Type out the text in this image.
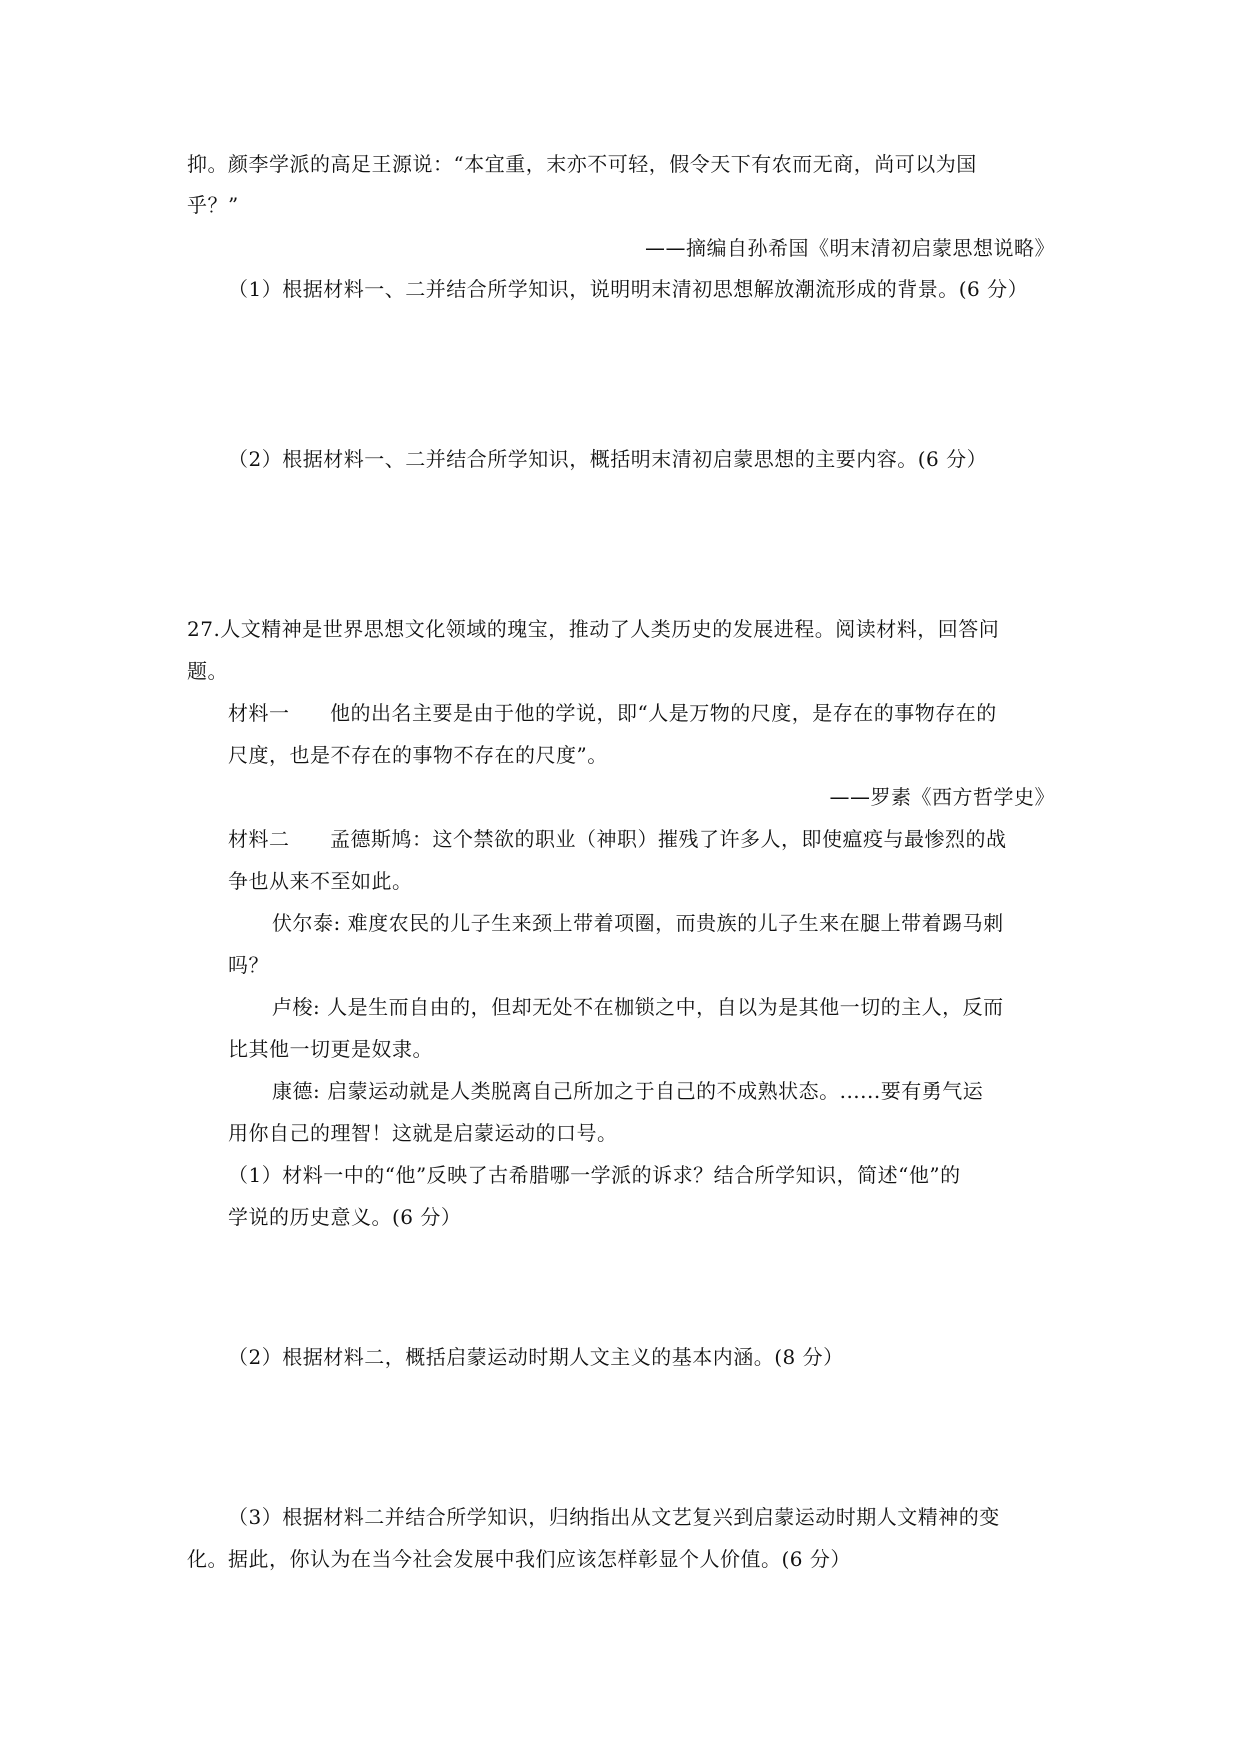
抑。颜李学派的高足王源说：“本宜重，末亦不可轻，假令天下有农而无商，尚可以为国
乎？”
——摘编自孙希国《明末清初启蒙思想说略》
（1）根据材料一、二并结合所学知识，说明明末清初思想解放潮流形成的背景。(6 分）
（2）根据材料一、二并结合所学知识，概括明末清初启蒙思想的主要内容。(6 分）
27.人文精神是世界思想文化领域的瑰宝，推动了人类历史的发展进程。阅读材料，回答问
题。
材料一 他的出名主要是由于他的学说，即“人是万物的尺度，是存在的事物存在的
尺度，也是不存在的事物不存在的尺度”。
——罗素《西方哲学史》
材料二 孟德斯鸠：这个禁欲的职业（神职）摧残了许多人，即使瘟疫与最惨烈的战
争也从来不至如此。
伏尔泰: 难度农民的儿子生来颈上带着项圈，而贵族的儿子生来在腿上带着踢马刺
吗？
卢梭: 人是生而自由的，但却无处不在枷锁之中，自以为是其他一切的主人，反而
比其他一切更是奴隶。
康德: 启蒙运动就是人类脱离自己所加之于自己的不成熟状态。......要有勇气运
用你自己的理智！这就是启蒙运动的口号。
（1）材料一中的“他”反映了古希腊哪一学派的诉求？结合所学知识，简述“他”的
学说的历史意义。(6 分）
（2）根据材料二，概括启蒙运动时期人文主义的基本内涵。(8 分）
（3）根据材料二并结合所学知识，归纳指出从文艺复兴到启蒙运动时期人文精神的变
化。据此，你认为在当今社会发展中我们应该怎样彰显个人价值。(6 分）
